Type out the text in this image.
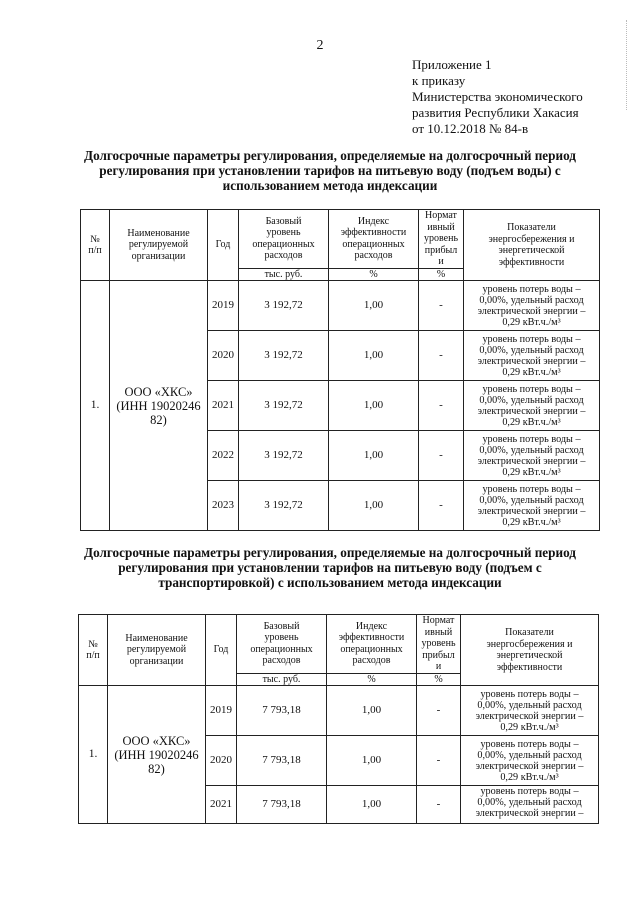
2
Приложение 1
к приказу
Министерства экономического
развития Республики Хакасия
от 10.12.2018 № 84-в
Долгосрочные параметры регулирования, определяемые на долгосрочный период
регулирования при установлении тарифов на питьевую воду (подъем воды) с
использованием метода индексации
№
п/п	Наименование
регулируемой
организации	Год	Базовый
уровень
операционных
расходов	Индекс
эффективности
операционных
расходов	Нормат
ивный
уровень
прибыл
и	Показатели
энергосбережения и
энергетической
эффективности

			тыс. руб.	%	%	
1.	ООО «ХКС»
(ИНН 19020246
82)	2019	3 192,72	1,00	-	уровень потерь воды –
0,00%, удельный расход
электрической энергии –
0,29 кВт.ч./м³

		2020	3 192,72	1,00	-	уровень потерь воды –
0,00%, удельный расход
электрической энергии –
0,29 кВт.ч./м³

		2021	3 192,72	1,00	-	уровень потерь воды –
0,00%, удельный расход
электрической энергии –
0,29 кВт.ч./м³

		2022	3 192,72	1,00	-	уровень потерь воды –
0,00%, удельный расход
электрической энергии –
0,29 кВт.ч./м³

		2023	3 192,72	1,00	-	уровень потерь воды –
0,00%, удельный расход
электрической энергии –
0,29 кВт.ч./м³
Долгосрочные параметры регулирования, определяемые на долгосрочный период
регулирования при установлении тарифов на питьевую воду (подъем с
транспортировкой) с использованием метода индексации
№
п/п	Наименование
регулируемой
организации	Год	Базовый
уровень
операционных
расходов	Индекс
эффективности
операционных
расходов	Нормат
ивный
уровень
прибыл
и	Показатели
энергосбережения и
энергетической
эффективности

			тыс. руб.	%	%	
1.	ООО «ХКС»
(ИНН 19020246
82)	2019	7 793,18	1,00	-	уровень потерь воды –
0,00%, удельный расход
электрической энергии –
0,29 кВт.ч./м³

		2020	7 793,18	1,00	-	уровень потерь воды –
0,00%, удельный расход
электрической энергии –
0,29 кВт.ч./м³

		2021	7 793,18	1,00	-	уровень потерь воды –
0,00%, удельный расход
электрической энергии –
